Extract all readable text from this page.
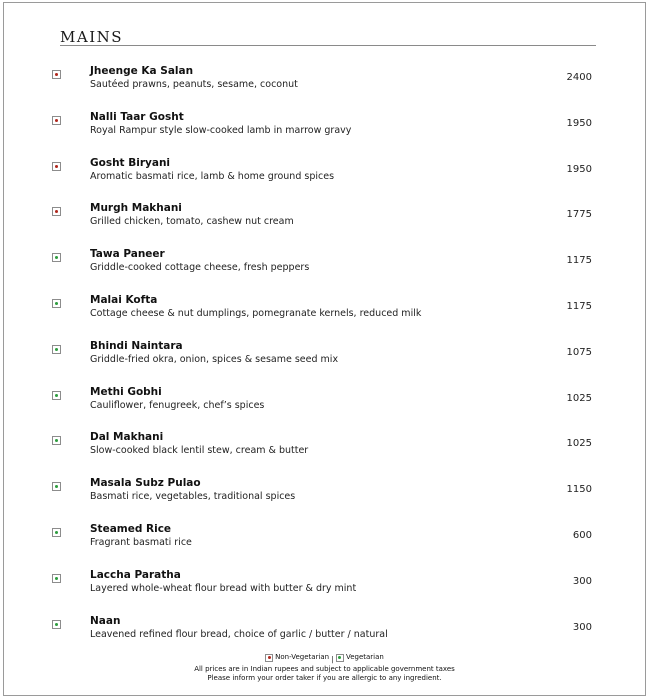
MAINS
Jheenge Ka Salan
Sautéed prawns, peanuts, sesame, coconut
2400
Nalli Taar Gosht
Royal Rampur style slow-cooked lamb in marrow gravy
1950
Gosht Biryani
Aromatic basmati rice, lamb & home ground spices
1950
Murgh Makhani
Grilled chicken, tomato, cashew nut cream
1775
Tawa Paneer
Griddle-cooked cottage cheese, fresh peppers
1175
Malai Kofta
Cottage cheese & nut dumplings, pomegranate kernels, reduced milk
1175
Bhindi Naintara
Griddle-fried okra, onion, spices & sesame seed mix
1075
Methi Gobhi
Cauliflower, fenugreek, chef’s spices
1025
Dal Makhani
Slow-cooked black lentil stew, cream & butter
1025
Masala Subz Pulao
Basmati rice, vegetables, traditional spices
1150
Steamed Rice
Fragrant basmati rice
600
Laccha Paratha
Layered whole-wheat flour bread with butter & dry mint
300
Naan
Leavened refined flour bread, choice of garlic / butter / natural
300
Non-Vegetarian | Vegetarian
All prices are in Indian rupees and subject to applicable government taxes
Please inform your order taker if you are allergic to any ingredient.
